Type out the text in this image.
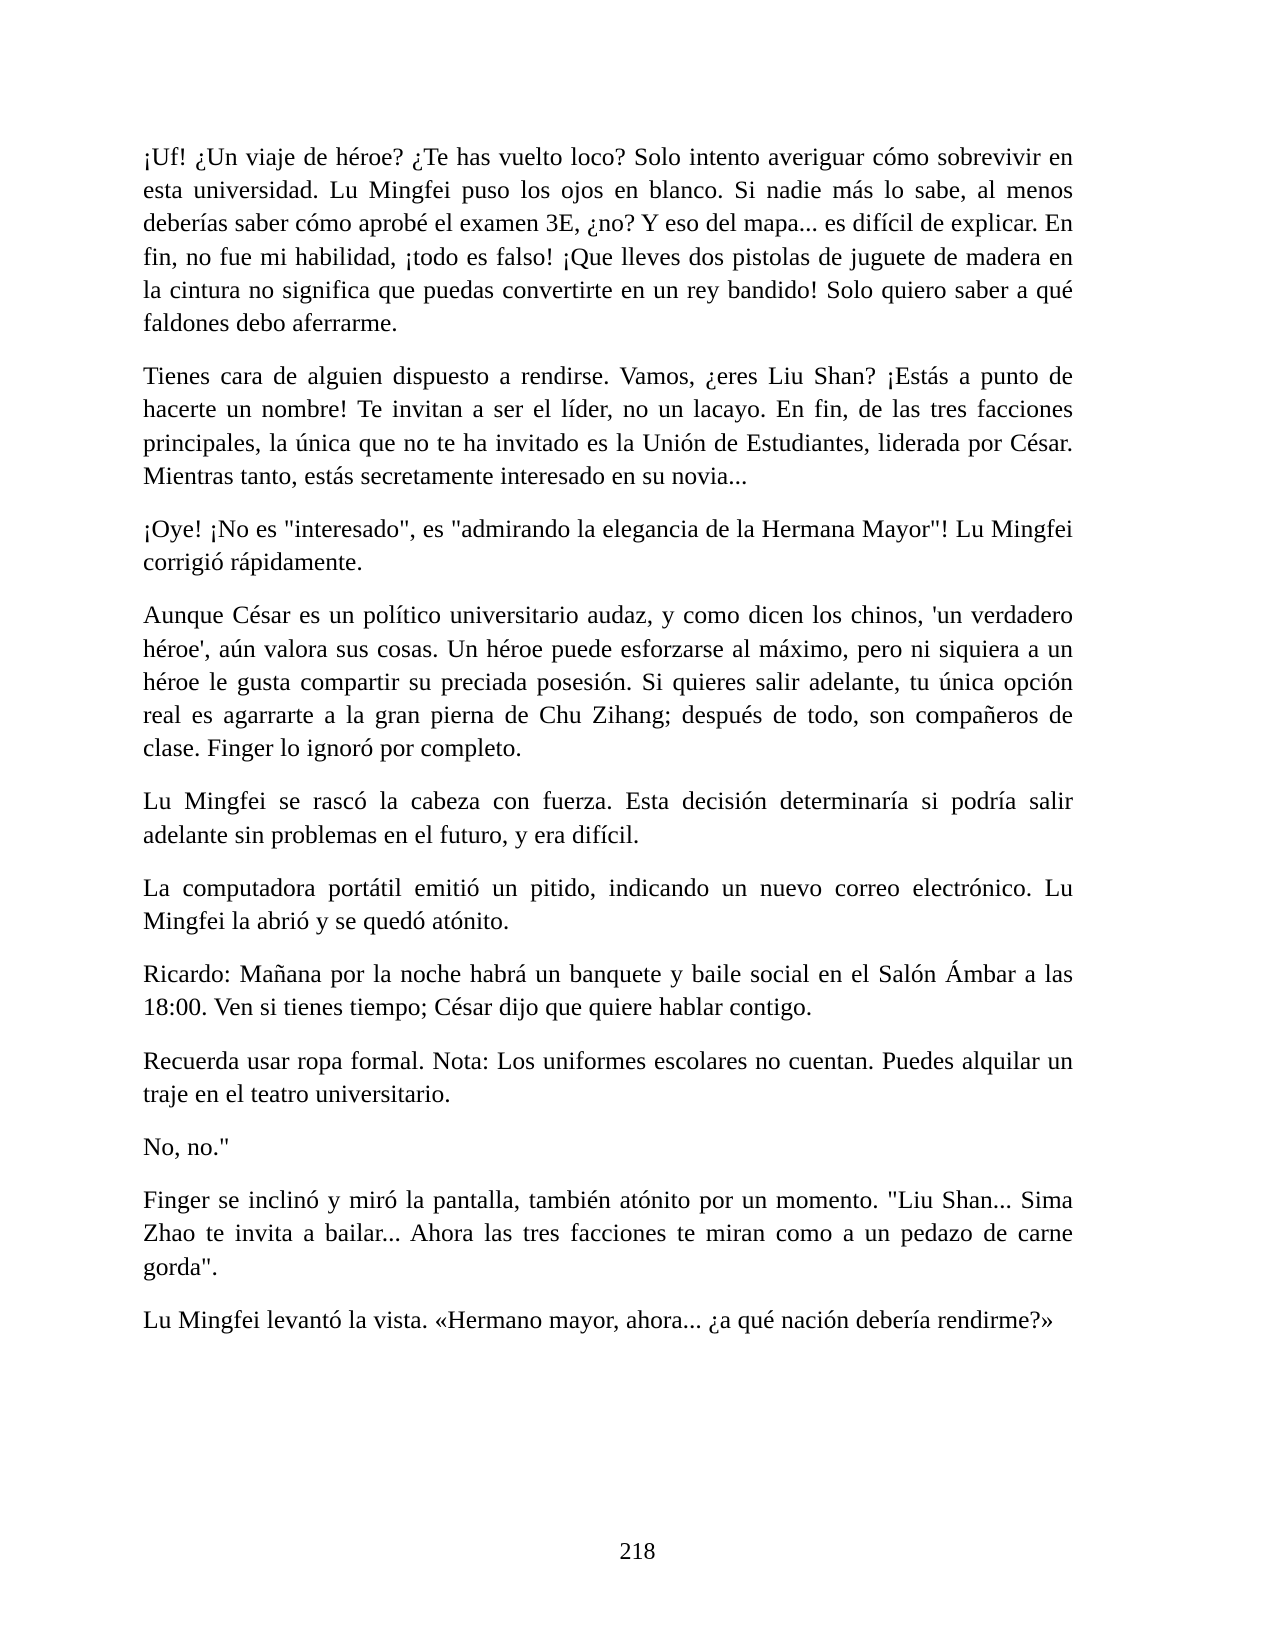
¡Uf! ¿Un viaje de héroe? ¿Te has vuelto loco? Solo intento averiguar cómo sobrevivir en esta universidad. Lu Mingfei puso los ojos en blanco. Si nadie más lo sabe, al menos deberías saber cómo aprobé el examen 3E, ¿no? Y eso del mapa... es difícil de explicar. En fin, no fue mi habilidad, ¡todo es falso! ¡Que lleves dos pistolas de juguete de madera en la cintura no significa que puedas convertirte en un rey bandido! Solo quiero saber a qué faldones debo aferrarme.

Tienes cara de alguien dispuesto a rendirse. Vamos, ¿eres Liu Shan? ¡Estás a punto de hacerte un nombre! Te invitan a ser el líder, no un lacayo. En fin, de las tres facciones principales, la única que no te ha invitado es la Unión de Estudiantes, liderada por César. Mientras tanto, estás secretamente interesado en su novia...

¡Oye! ¡No es "interesado", es "admirando la elegancia de la Hermana Mayor"! Lu Mingfei corrigió rápidamente.

Aunque César es un político universitario audaz, y como dicen los chinos, 'un verdadero héroe', aún valora sus cosas. Un héroe puede esforzarse al máximo, pero ni siquiera a un héroe le gusta compartir su preciada posesión. Si quieres salir adelante, tu única opción real es agarrarte a la gran pierna de Chu Zihang; después de todo, son compañeros de clase. Finger lo ignoró por completo.

Lu Mingfei se rascó la cabeza con fuerza. Esta decisión determinaría si podría salir adelante sin problemas en el futuro, y era difícil.

La computadora portátil emitió un pitido, indicando un nuevo correo electrónico. Lu Mingfei la abrió y se quedó atónito.

Ricardo: Mañana por la noche habrá un banquete y baile social en el Salón Ámbar a las 18:00. Ven si tienes tiempo; César dijo que quiere hablar contigo.

Recuerda usar ropa formal. Nota: Los uniformes escolares no cuentan. Puedes alquilar un traje en el teatro universitario.

No, no."

Finger se inclinó y miró la pantalla, también atónito por un momento. "Liu Shan... Sima Zhao te invita a bailar... Ahora las tres facciones te miran como a un pedazo de carne gorda".

Lu Mingfei levantó la vista. «Hermano mayor, ahora... ¿a qué nación debería rendirme?»

218
